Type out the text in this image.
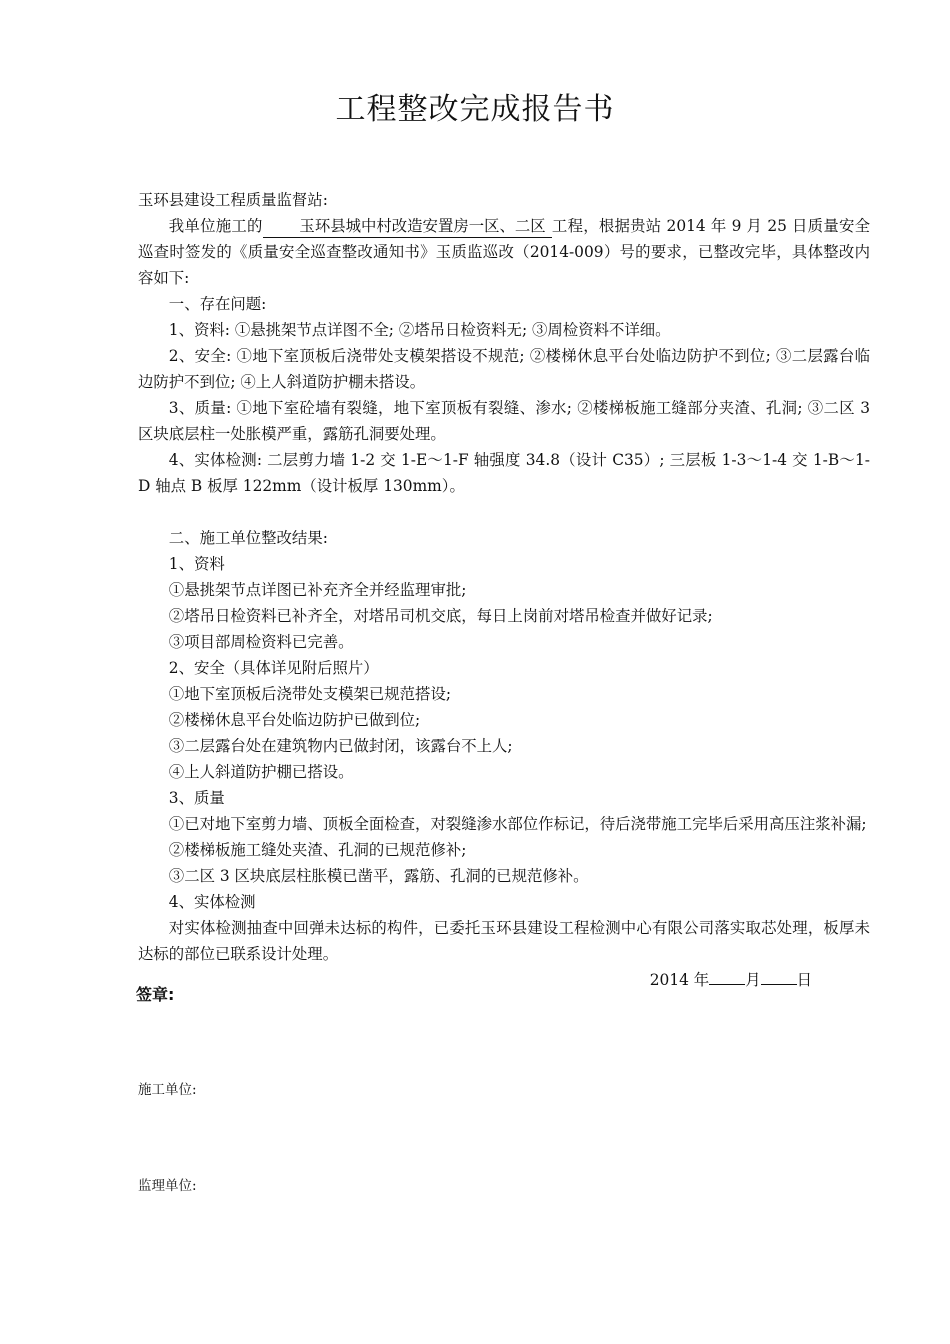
工程整改完成报告书

玉环县建设工程质量监督站:

我单位施工的 玉环县城中村改造安置房一区、二区 工程，根据贵站 2014 年 9 月 25 日质量安全巡查时签发的《质量安全巡查整改通知书》玉质监巡改（2014-009）号的要求，已整改完毕，具体整改内容如下:

一、存在问题:

1、资料: ①悬挑架节点详图不全; ②塔吊日检资料无; ③周检资料不详细。

2、安全: ①地下室顶板后浇带处支模架搭设不规范; ②楼梯休息平台处临边防护不到位; ③二层露台临边防护不到位; ④上人斜道防护棚未搭设。

3、质量: ①地下室砼墙有裂缝，地下室顶板有裂缝、渗水; ②楼梯板施工缝部分夹渣、孔洞; ③二区 3 区块底层柱一处胀模严重，露筋孔洞要处理。

4、实体检测: 二层剪力墙 1-2 交 1-E～1-F 轴强度 34.8（设计 C35）; 三层板 1-3～1-4 交 1-B～1-D 轴点 B 板厚 122mm（设计板厚 130mm）。

二、施工单位整改结果:

1、资料

①悬挑架节点详图已补充齐全并经监理审批;

②塔吊日检资料已补齐全，对塔吊司机交底，每日上岗前对塔吊检查并做好记录;

③项目部周检资料已完善。

2、安全（具体详见附后照片）

①地下室顶板后浇带处支模架已规范搭设;

②楼梯休息平台处临边防护已做到位;

③二层露台处在建筑物内已做封闭，该露台不上人;

④上人斜道防护棚已搭设。

3、质量

①已对地下室剪力墙、顶板全面检查，对裂缝渗水部位作标记，待后浇带施工完毕后采用高压注浆补漏;

②楼梯板施工缝处夹渣、孔洞的已规范修补;

③二区 3 区块底层柱胀模已凿平，露筋、孔洞的已规范修补。

4、实体检测

对实体检测抽查中回弹未达标的构件，已委托玉环县建设工程检测中心有限公司落实取芯处理，板厚未达标的部位已联系设计处理。

2014 年 月 日

签章:
施工单位:
监理单位:
